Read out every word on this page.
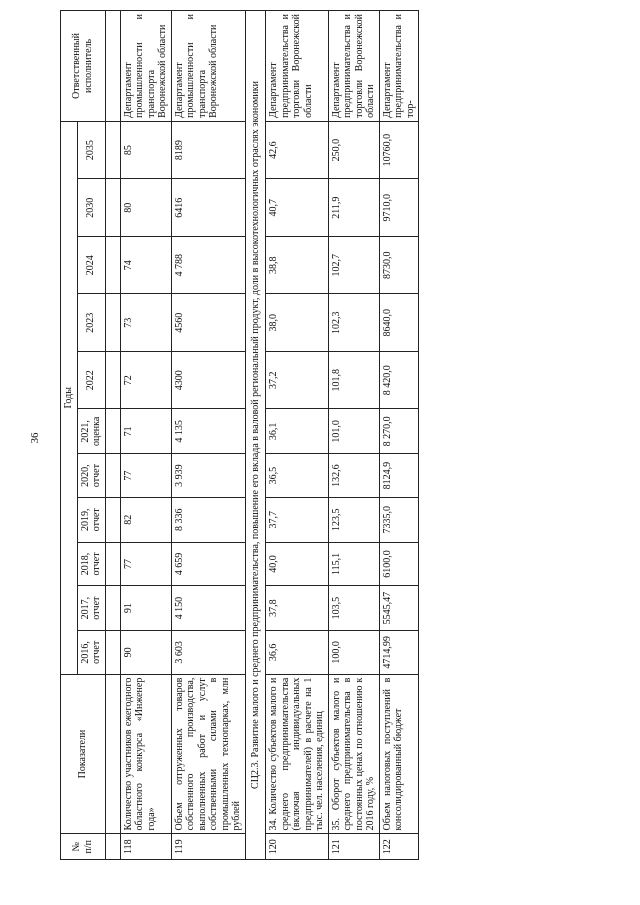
36
№ п/п	Показатели	Годы											Ответственный исполнитель
		2016, отчет	2017, отчет	2018, отчет	2019, отчет	2020, отчет	2021, оценка	2022	2023	2024	2030	2035	

118	Количество участников ежегодного областного конкурса «Инженер года»	90	91	77	82	77	71	72	73	74	80	85	Департамент промышленности и транспорта Воронежской области
119	Объем отгруженных товаров собственного производства, выполненных работ и услуг собственными силами в промышленных технопарках, млн рублей	3 603	4 150	4 659	8 336	3 939	4 135	4300	4560	4 788	6416	8189	Департамент промышленности и транспорта Воронежской области
СЦ2.3. Развитие малого и среднего предпринимательства, повышение его вклада в валовой региональный продукт, доли в высокотехнологичных отраслях экономики													
120	34. Количество субъектов малого и среднего предпринимательства (включая индивидуальных предпринимателей) в расчете на 1 тыс. чел. населения, единиц	36,6	37,8	40,0	37,7	36,5	36,1	37,2	38,0	38,8	40,7	42,6	Департамент предпринимательства и торговли Воронежской области
121	35. Оборот субъектов малого и среднего предпринимательства в постоянных ценах по отношению к 2016 году, %	100,0	103,5	115,1	123,5	132,6	101,0	101,8	102,3	102,7	211,9	250,0	Департамент предпринимательства и торговли Воронежской области
122	Объем налоговых поступлений в консолидированный бюджет	4714,99	5545,47	6100,0	7335,0	8124,9	8 270,0	8 420,0	8640,0	8730,0	9710,0	10760,0	Департамент предпринимательства и тор-
